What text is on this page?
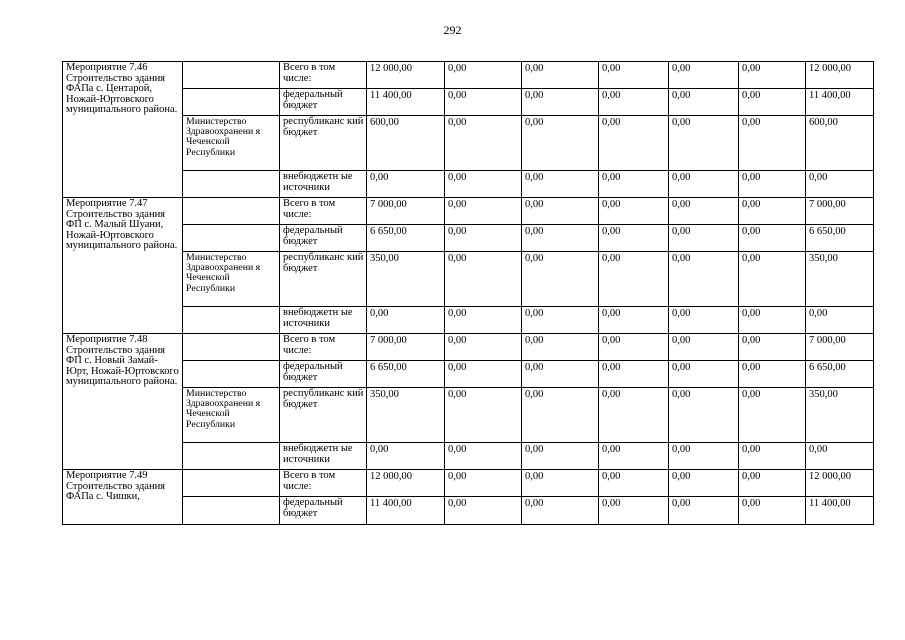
292
Мероприятие 7.46 Строительство здания ФАПа с. Центарой, Ножай-Юртовского муниципального района.		Всего в том числе:	12 000,00	0,00	0,00	0,00	0,00	0,00	12 000,00
		федеральный бюджет	11 400,00	0,00	0,00	0,00	0,00	0,00	11 400,00
	Министерство Здравоохранени я Чеченской Республики	республиканс кий бюджет	600,00	0,00	0,00	0,00	0,00	0,00	600,00
		внебюджетн ые источники	0,00	0,00	0,00	0,00	0,00	0,00	0,00
Мероприятие 7.47 Строительство здания ФП с. Малый Шуани, Ножай-Юртовского муниципального района.		Всего в том числе:	7 000,00	0,00	0,00	0,00	0,00	0,00	7 000,00
		федеральный бюджет	6 650,00	0,00	0,00	0,00	0,00	0,00	6 650,00
	Министерство Здравоохранени я Чеченской Республики	республиканс кий бюджет	350,00	0,00	0,00	0,00	0,00	0,00	350,00
		внебюджетн ые источники	0,00	0,00	0,00	0,00	0,00	0,00	0,00
Мероприятие 7.48 Строительство здания ФП с. Новый Замай-Юрт, Ножай-Юртовского муниципального района.		Всего в том числе:	7 000,00	0,00	0,00	0,00	0,00	0,00	7 000,00
		федеральный бюджет	6 650,00	0,00	0,00	0,00	0,00	0,00	6 650,00
	Министерство Здравоохранени я Чеченской Республики	республиканс кий бюджет	350,00	0,00	0,00	0,00	0,00	0,00	350,00
		внебюджетн ые источники	0,00	0,00	0,00	0,00	0,00	0,00	0,00
Мероприятие 7.49 Строительство здания ФАПа с. Чишки,		Всего в том числе:	12 000,00	0,00	0,00	0,00	0,00	0,00	12 000,00
		федеральный бюджет	11 400,00	0,00	0,00	0,00	0,00	0,00	11 400,00
